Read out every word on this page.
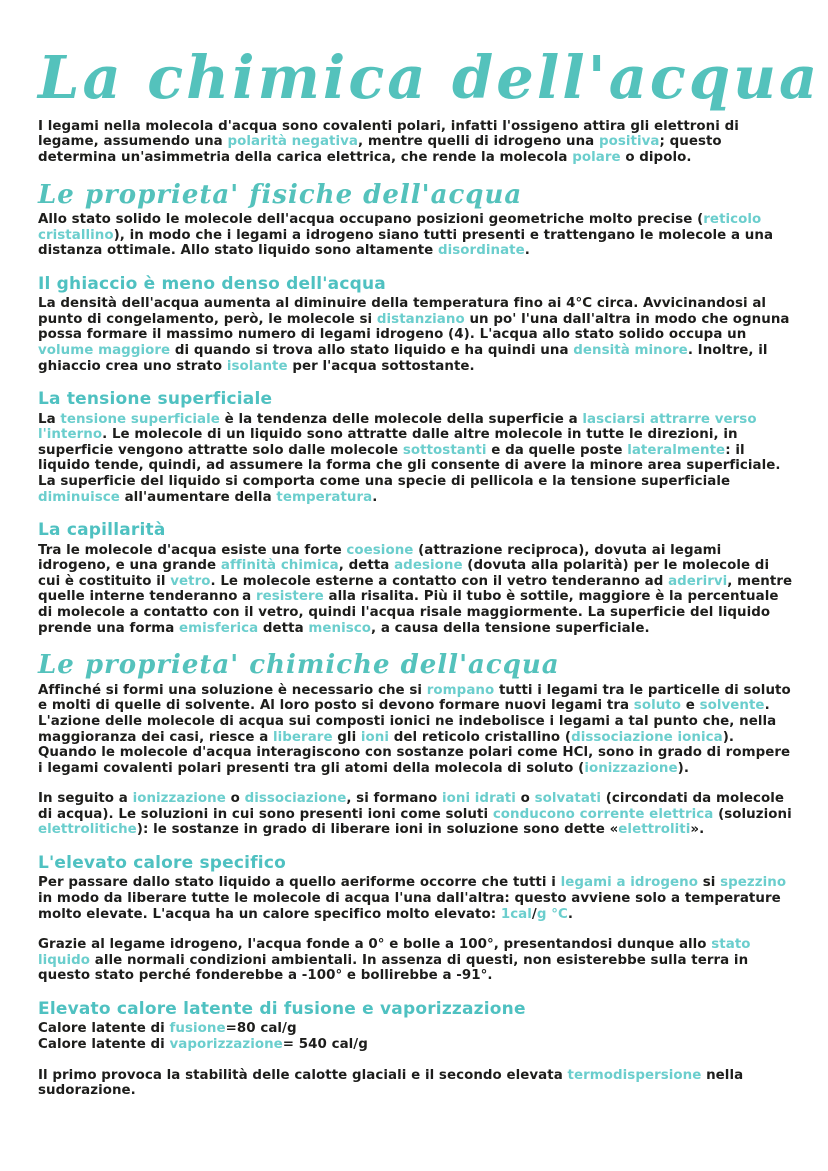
La chimica dell'acqua

I legami nella molecola d'acqua sono covalenti polari, infatti l'ossigeno attira gli elettroni di legame, assumendo una polarità negativa, mentre quelli di idrogeno una positiva; questo determina un'asimmetria della carica elettrica, che rende la molecola polare o dipolo.

Le proprieta' fisiche dell'acqua

Allo stato solido le molecole dell'acqua occupano posizioni geometriche molto precise (reticolo cristallino), in modo che i legami a idrogeno siano tutti presenti e trattengano le molecole a una distanza ottimale. Allo stato liquido sono altamente disordinate.

Il ghiaccio è meno denso dell'acqua

La densità dell'acqua aumenta al diminuire della temperatura fino ai 4°C circa. Avvicinandosi al punto di congelamento, però, le molecole si distanziano un po' l'una dall'altra in modo che ognuna possa formare il massimo numero di legami idrogeno (4). L'acqua allo stato solido occupa un volume maggiore di quando si trova allo stato liquido e ha quindi una densità minore. Inoltre, il ghiaccio crea uno strato isolante per l'acqua sottostante.

La tensione superficiale

La tensione superficiale è la tendenza delle molecole della superficie a lasciarsi attrarre verso l'interno. Le molecole di un liquido sono attratte dalle altre molecole in tutte le direzioni, in superficie vengono attratte solo dalle molecole sottostanti e da quelle poste lateralmente: il liquido tende, quindi, ad assumere la forma che gli consente di avere la minore area superficiale. La superficie del liquido si comporta come una specie di pellicola e la tensione superficiale diminuisce all'aumentare della temperatura.

La capillarità

Tra le molecole d'acqua esiste una forte coesione (attrazione reciproca), dovuta ai legami idrogeno, e una grande affinità chimica, detta adesione (dovuta alla polarità) per le molecole di cui è costituito il vetro. Le molecole esterne a contatto con il vetro tenderanno ad aderirvi, mentre quelle interne tenderanno a resistere alla risalita. Più il tubo è sottile, maggiore è la percentuale di molecole a contatto con il vetro, quindi l'acqua risale maggiormente. La superficie del liquido prende una forma emisferica detta menisco, a causa della tensione superficiale.

Le proprieta' chimiche dell'acqua

Affinché si formi una soluzione è necessario che si rompano tutti i legami tra le particelle di soluto e molti di quelle di solvente. Al loro posto si devono formare nuovi legami tra soluto e solvente. L'azione delle molecole di acqua sui composti ionici ne indebolisce i legami a tal punto che, nella maggioranza dei casi, riesce a liberare gli ioni del reticolo cristallino (dissociazione ionica). Quando le molecole d'acqua interagiscono con sostanze polari come HCl, sono in grado di rompere i legami covalenti polari presenti tra gli atomi della molecola di soluto (ionizzazione).

In seguito a ionizzazione o dissociazione, si formano ioni idrati o solvatati (circondati da molecole di acqua). Le soluzioni in cui sono presenti ioni come soluti conducono corrente elettrica (soluzioni elettrolitiche): le sostanze in grado di liberare ioni in soluzione sono dette «elettroliti».

L'elevato calore specifico

Per passare dallo stato liquido a quello aeriforme occorre che tutti i legami a idrogeno si spezzino in modo da liberare tutte le molecole di acqua l'una dall'altra: questo avviene solo a temperature molto elevate. L'acqua ha un calore specifico molto elevato: 1cal/g °C.

Grazie al legame idrogeno, l'acqua fonde a 0° e bolle a 100°, presentandosi dunque allo stato liquido alle normali condizioni ambientali. In assenza di questi, non esisterebbe sulla terra in questo stato perché fonderebbe a -100° e bollirebbe a -91°.

Elevato calore latente di fusione e vaporizzazione

Calore latente di fusione=80 cal/g

Calore latente di vaporizzazione= 540 cal/g

Il primo provoca la stabilità delle calotte glaciali e il secondo elevata termodispersione nella sudorazione.
